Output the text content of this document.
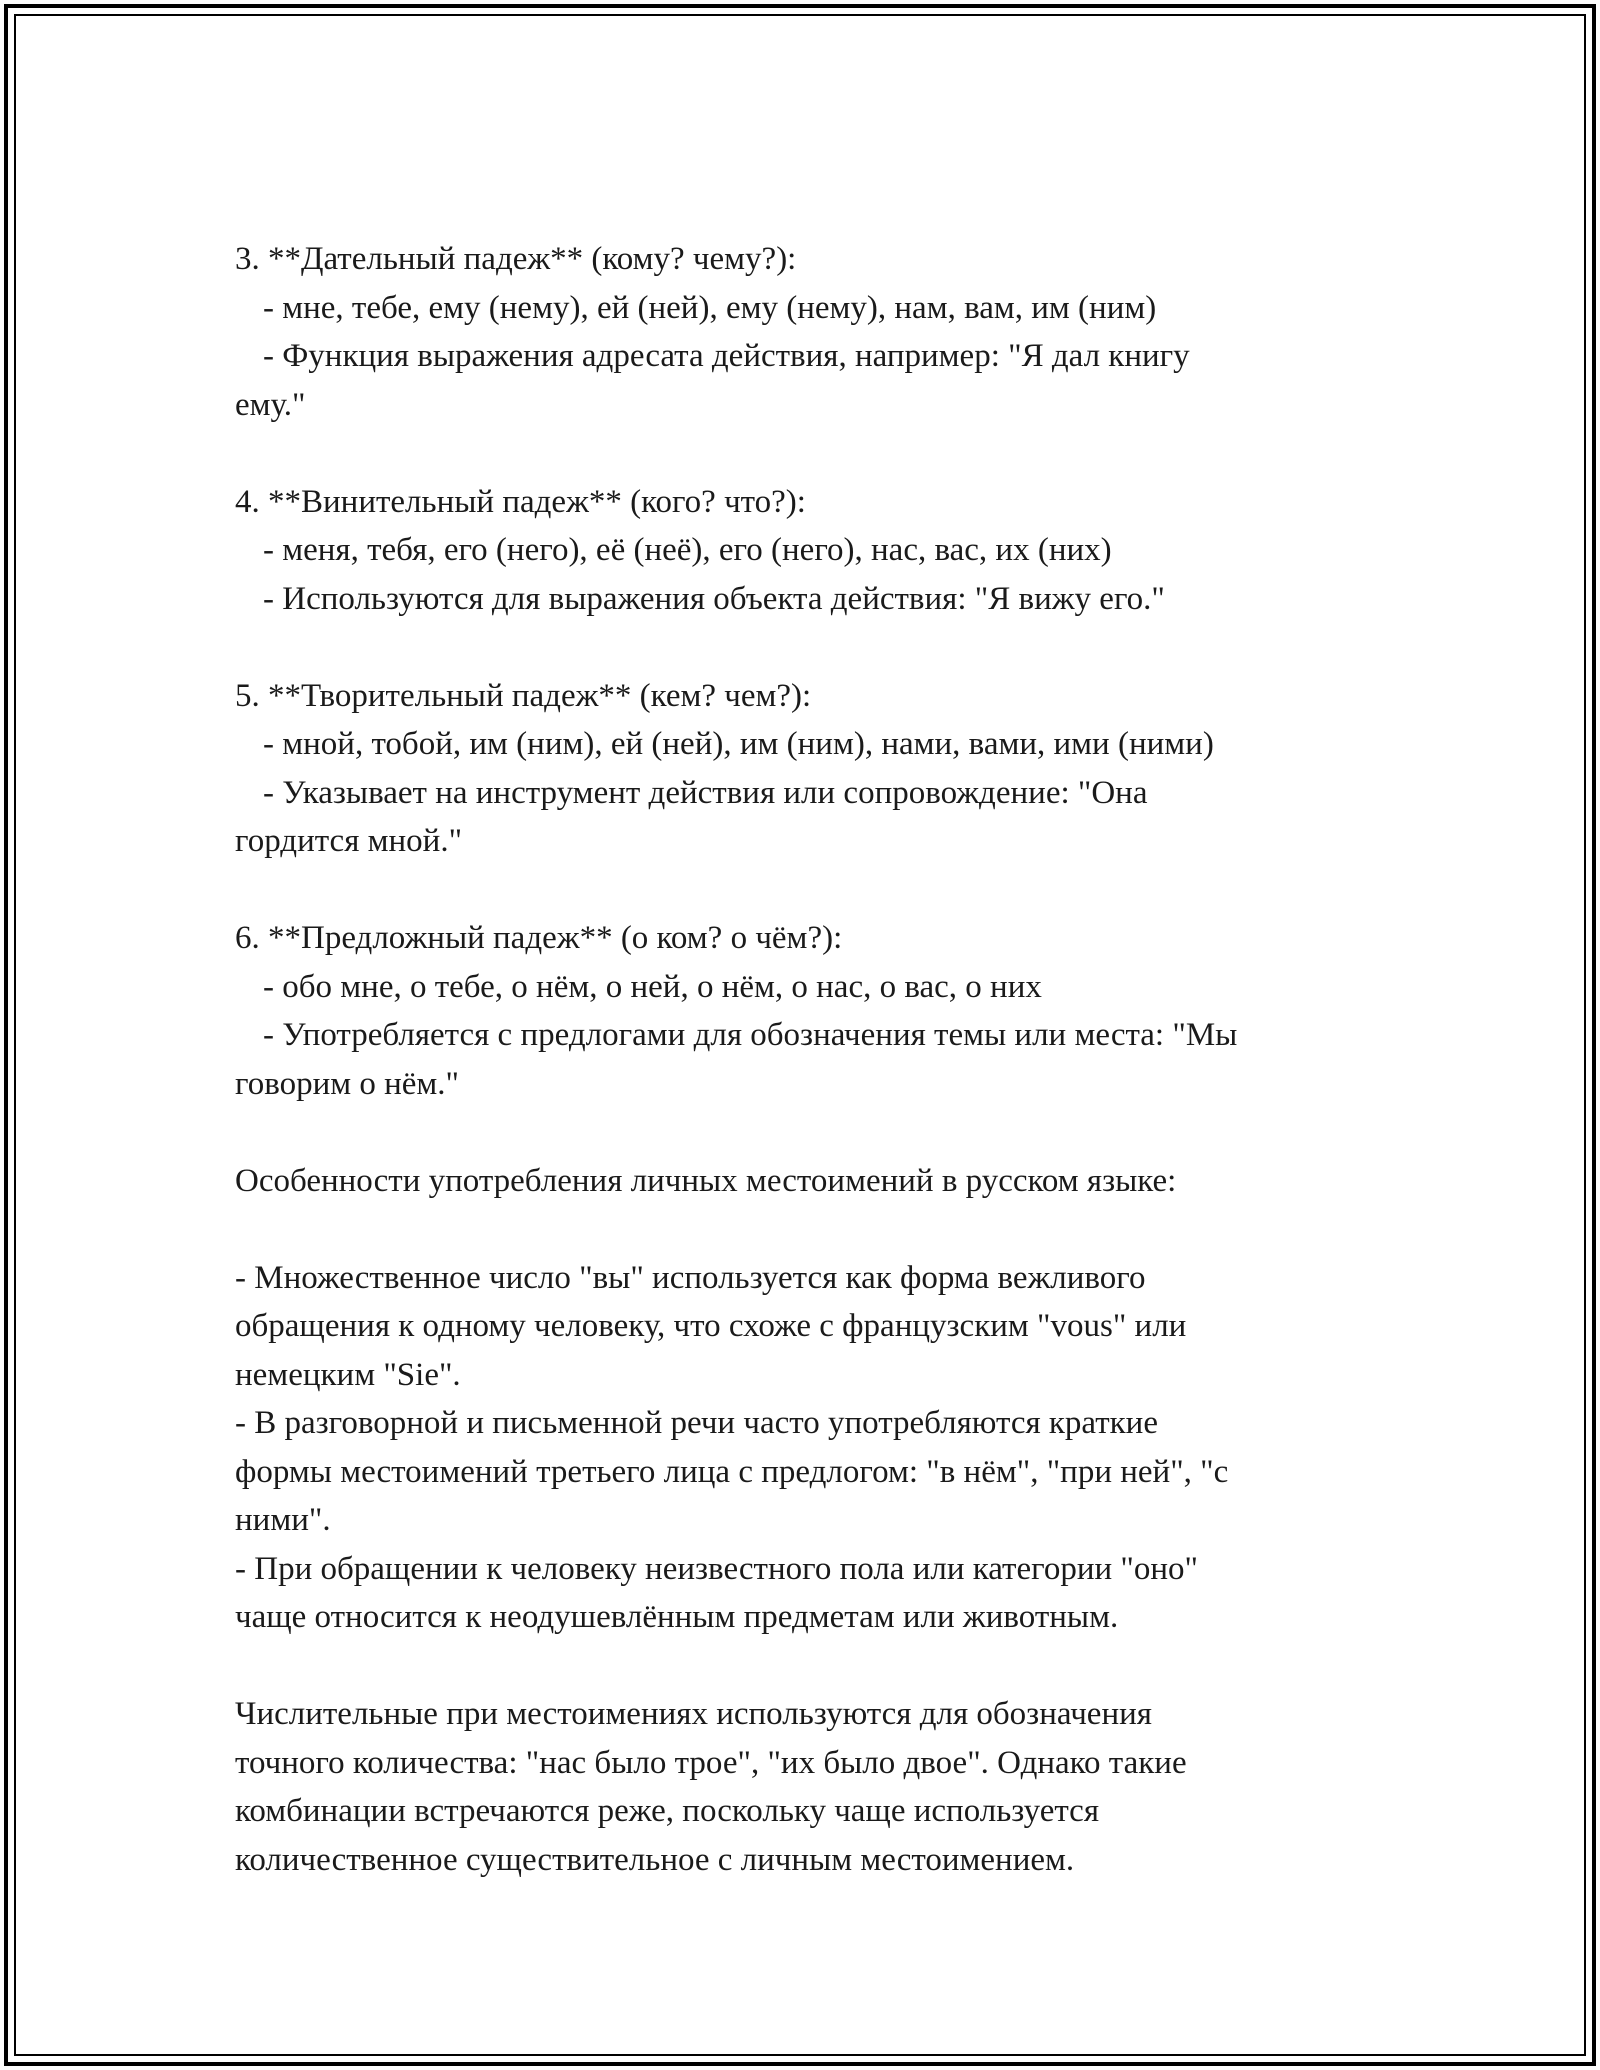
3. **Дательный падеж** (кому? чему?):

- мне, тебе, ему (нему), ей (ней), ему (нему), нам, вам, им (ним)

- Функция выражения адресата действия, например: "Я дал книгу

ему."

4. **Винительный падеж** (кого? что?):

- меня, тебя, его (него), её (неё), его (него), нас, вас, их (них)

- Используются для выражения объекта действия: "Я вижу его."

5. **Творительный падеж** (кем? чем?):

- мной, тобой, им (ним), ей (ней), им (ним), нами, вами, ими (ними)

- Указывает на инструмент действия или сопровождение: "Она

гордится мной."

6. **Предложный падеж** (о ком? о чём?):

- обо мне, о тебе, о нём, о ней, о нём, о нас, о вас, о них

- Употребляется с предлогами для обозначения темы или места: "Мы

говорим о нём."

Особенности употребления личных местоимений в русском языке:

- Множественное число "вы" используется как форма вежливого

обращения к одному человеку, что схоже с французским "vous" или

немецким "Sie".

- В разговорной и письменной речи часто употребляются краткие

формы местоимений третьего лица с предлогом: "в нём", "при ней", "с

ними".

- При обращении к человеку неизвестного пола или категории "оно"

чаще относится к неодушевлённым предметам или животным.

Числительные при местоимениях используются для обозначения

точного количества: "нас было трое", "их было двое". Однако такие

комбинации встречаются реже, поскольку чаще используется

количественное существительное с личным местоимением.
